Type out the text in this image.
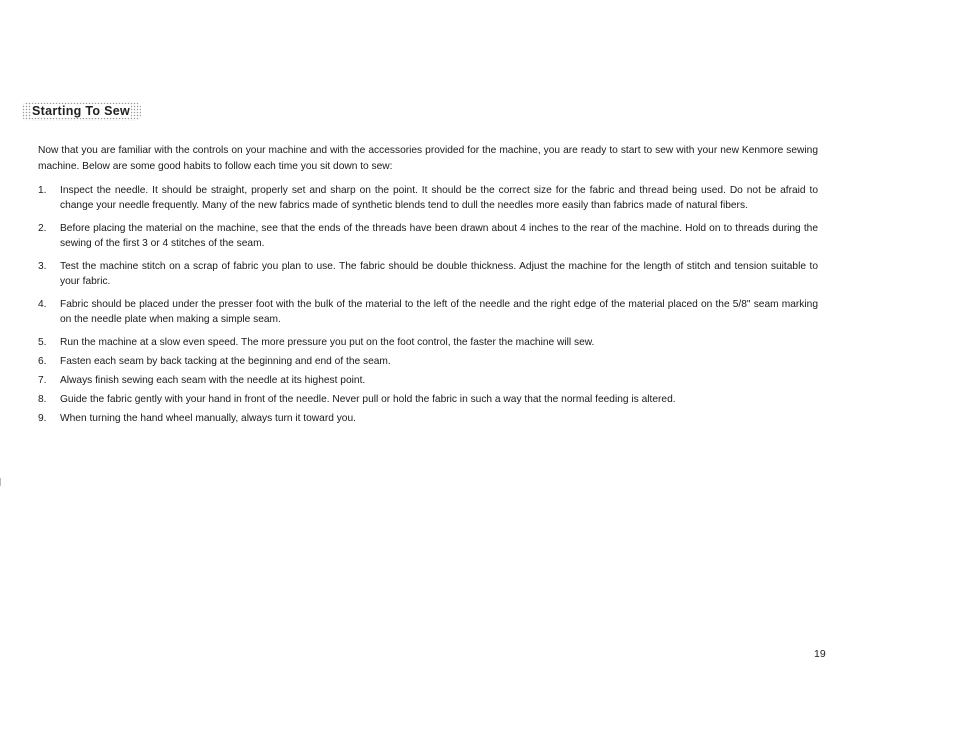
Starting To Sew

Now that you are familiar with the controls on your machine and with the accessories provided for the machine, you are ready to start to sew with your new Kenmore sewing machine. Below are some good habits to follow each time you sit down to sew:

1.	Inspect the needle. It should be straight, properly set and sharp on the point. It should be the correct size for the fabric and thread being used. Do not be afraid to change your needle frequently. Many of the new fabrics made of synthetic blends tend to dull the needles more easily than fabrics made of natural fibers.
2.	Before placing the material on the machine, see that the ends of the threads have been drawn about 4 inches to the rear of the machine. Hold on to threads during the sewing of the first 3 or 4 stitches of the seam.
3.	Test the machine stitch on a scrap of fabric you plan to use. The fabric should be double thickness. Adjust the machine for the length of stitch and tension suitable to your fabric.
4.	Fabric should be placed under the presser foot with the bulk of the material to the left of the needle and the right edge of the material placed on the 5/8" seam marking on the needle plate when making a simple seam.
5.	Run the machine at a slow even speed. The more pressure you put on the foot control, the faster the machine will sew.
6.	Fasten each seam by back tacking at the beginning and end of the seam.
7.	Always finish sewing each seam with the needle at its highest point.
8.	Guide the fabric gently with your hand in front of the needle. Never pull or hold the fabric in such a way that the normal feeding is altered.
9.	When turning the hand wheel manually, always turn it toward you.
19
